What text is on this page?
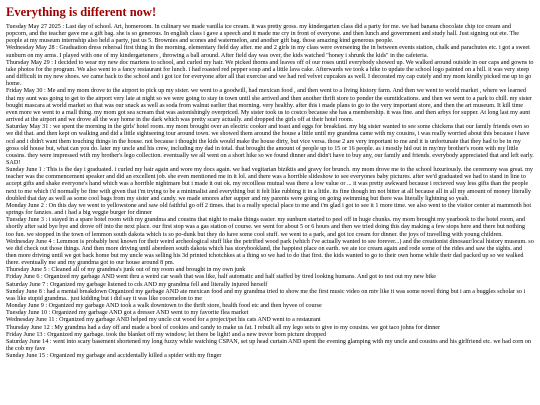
Everything is different now!

Tuesday May 27 2025 : Last day of school. Art, homeroom. In culinary we made vanilla ice cream. it was pretty gross. my kindergarten class did a party for me. we had banana chocolate chip ice cream and popcorn, and the teacher gave me a gift bag. she is so generous. In english class i gave a speech and it made me cry in front of everyone. and then lunch and government and study hall. Just signing out ete. The people at my museum internship also held a party, just us 5. Brownies and scones and watermelon, and another gift bag. those amazing kind generous people.

Wednesday May 28 : Graduation dress rehersal first thing in the morning. elementary field day after. me and 2 girls in my class were overseeing the in between events station, chalk and parachutes etc. i got a sweet sunburn on my arms. I played with one of my kindergarteners , throwing a ball around. After field day was over, the kids watched "honey i shrunk the kids" in the cafeteria.

Thursday May 29 : I decided to wear my new doc martens to school, and curled my hair. We picked thorns and leaves off of our roses until everybody showed up. We walked around outside in our caps and gowns to take photos for the program. We also went to a fancy restaurant for lunch. i had roasted red pepper soup and a little lava cake. Afterwards we took a hike to update the school logo painted on a hill. it was very steep and difficult in my new shoes. we came back to the school and i got ice for everyone after all that exercise and we had red velvet cupcakes as well. I decorated my cap cutely and my mom kindly picked me up to go home.

Friday May 30 : Me and my mom drove to the airport to pick up my sister. we went to a goodwill, had mexican food , and then went to a living history farm. And then we went to world market , where we learned that my aunt was going to get to the airport very late at night so we were going to stay in town until she arrived and then another thrift store to ponder the eumtidcations. and then we went to a park to chill. my sister bought mascara at world market so that was our snack as well as soda from walnut earlier that morning. very healthy. after this i made plans to go to the very important store, and then the art museum. It kill time even more we went to a mall thing. my mom got sea scream that was astonishingly overpriced. My sister took us to costco because she has a membership. it was fine. and then arbys for supper. At long last my aunt arrived at the airport and we drove all the way home in the dark which was pretty scary actually. and dropped the girls off at their hotel room.

Saturday May 31 : we spent the morning in the girls' hotel room. my mom brought over an electric cooker and toast and eggs for breakfast. my big sister wanted to see some chickens that our family friends own so we did that. and then kept on walking and did a little sightseeing tour around town. we showed them around the house a little until my grandma came with my cousins, i was really worried about this because i have ocd and i didn't want them touching things in the house. not because i thought the kids would make the house dirty, but vice versa. those 2 are very important to me and it is unfortunate that they had to be in my gross old house but, what can you do. later my uncle and his crew, including my dad in total. that brought the amount of people up to 15 or 16 people. as i mostly hid out in my/my brother's room with my little cousins. they were impressed with my brother's lego collection. eventually we all went on a short hike so we found dinner and didn't have to buy any, our family and friends. everybody appreciated that and left early. SAD!

Sunday June 1 : This is the day i graduated. i curled my hair again and wore my docs again. we had vegitarian biziktis and gravy for brunch. my mom drove me to the school luxuriously. the ceremony was great. my teacher was the commencement speaker and did an excellent job. she even mentioned me in it lol. and there was a horrible slideshow to see everyones baby pictures. after we'd graduated we had to stand in line to accept gifts and shake everyone's hand which was a horrible nightmare but i made it out ok. my recoilless mutual was there a low value or ... it was pretty awkward because i recieved way less gifts than the people next to me which i'd normally be fine with given that i'm trying to be a minimalist and everything but it felt like rubbing it in a little. its fine though im not bitter at all because all in all my amount of money literally doubled that day as well as some cool bags from my sister and candy. we made smores after supper and my parents were going on going swimming but there was literally lightning so yeah.

Monday June 2 : On this day we went to yellowstone and saw old faithful go off 2 times. that is a really special place to me and i'm glad i got to see it 1 more time. we also went to the visitor center at mammoth hot springs for fanzies. and i had a big veggie burger for dinner

Tuesday June 3 : i stayed in a spare hotel room with my grandma and cousins that night to make things easier. my sunburn started to peel off in huge chunks. my mom brought my yearbook to the hotel room, and shortly after said bye bye and drove off into the next place. our first stop was a gas station of course. we went for about 5 or 6 hours and then we tried doing this day making a few stops here and there but nothing too fun. we stopped in the town of lemmon south dakota which is so po-dunk but they do have some cool stuff. we went to a park, and got ice cream for dinner. the joys of travelling with young children.

Wednesday June 4 : Lemmon is probably best known for their weird archeological stuff like the petrified wood park (which i've actually wanted to see forever...) and the creationist dinosaur/local history museum. so we did check out those things. And then more driving until aberdeen south dakota which has storybookland, the happiest place on earth. we ate ice cream again and rode some of the rides and saw the sights. and then more driving until we got back home but my uncle was selling his 3d printed tchotchkes at a thing so we had to do that first. the kids wanted to go to their own home while their dad packed up so we walked there. eventually me and my grandma got to our house around 8 pm.

Thursday June 5 : Cleaned all of my grandma's junk out of my room and brought in my own junk

Friday June 6 : Organized my garbage AND went thru a weird car wash that was like, half automatic and half staffed by tired looking humans. And got to test out my new bike

Saturday June 7 : Organized my garbage listened to cds AND my grandma fell and literally injured herself

Sunday June 8 : had a mental breakdown Organized my garbage AND ate mexican food and my grandma tried to show me the first music video on mtv like it was some novel thing but i am a buggles scholar so i was like stupid grandma.. just kidding but i did say it was like cocomelon to me

Monday June 9 : Organized my garbage AND took a walk downtown to the thrift store, health food etc and then hyvee of course

Tuesday June 10 : Organized my garbage AND got a dresser AND went to my favorite flea market

Wednesday June 11 : Organized my garbage AND helped my uncle cut wood for a project/pet his cats AND went to a restaurant

Thursday June 12 : My grandma had a day off and made a bool of cookies and candy to make us fat. I rebuilt all my lego sets to give to my cousins. we got taco johns for dinner

Friday June 13 : Organized my garbage. took the blanket off my window; let there be light! and a new trevor born picture dropped

Saturday June 14 : went into scary basement shortened my long fuzzy while watching CSPAN, set up head curtain AND spent the evening glamping with my uncle and cousins and his girlfriend etc. we had corn on the cob my fave

Sunday June 15 : Organized my garbage and accidentally killed a spider with my finger
